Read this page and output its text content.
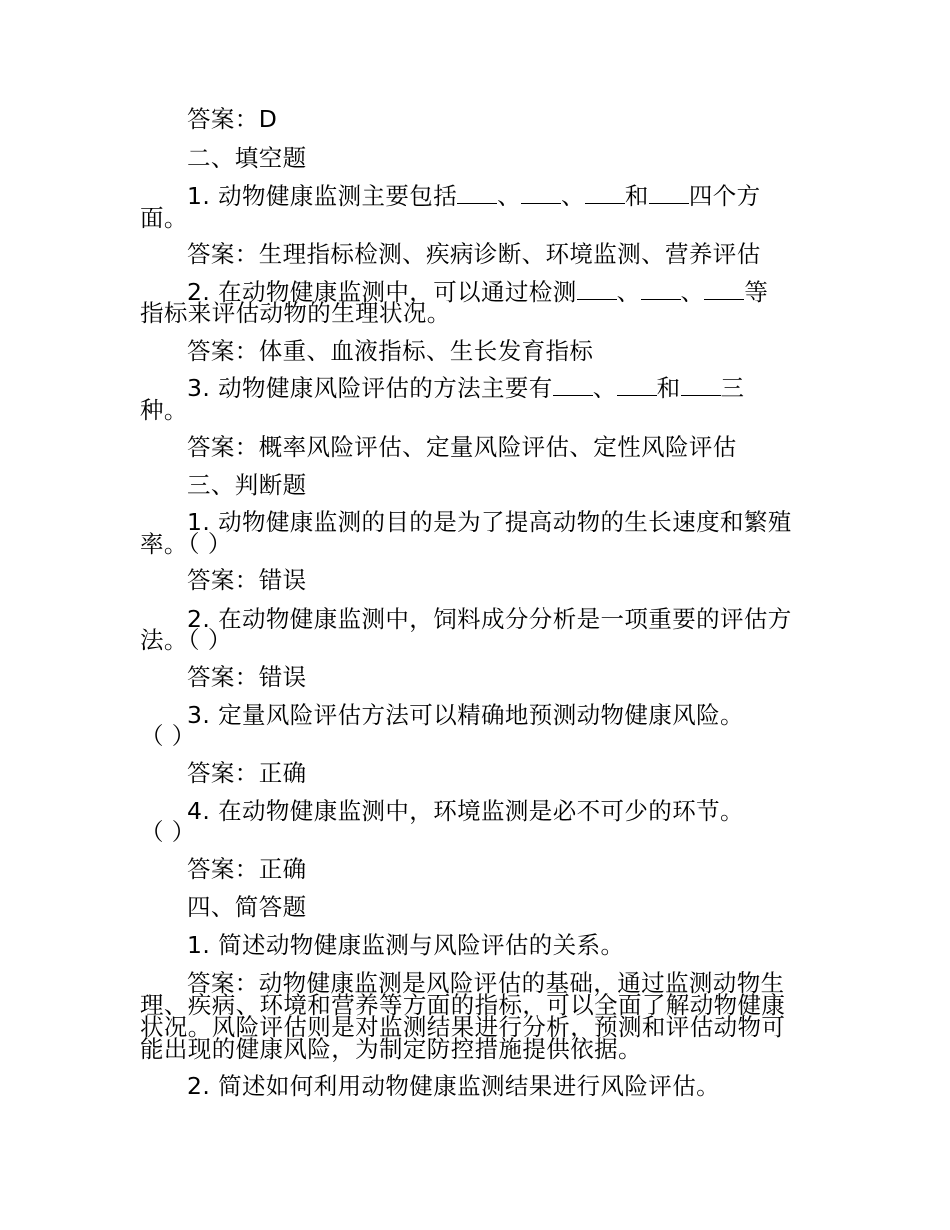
答案：D
二、填空题
1. 动物健康监测主要包括 、 、 和 四个方
面。
答案：生理指标检测、疾病诊断、环境监测、营养评估
2. 在动物健康监测中，可以通过检测 、 、 等
指标来评估动物的生理状况。
答案：体重、血液指标、生长发育指标
3. 动物健康风险评估的方法主要有 、 和 三
种。
答案：概率风险评估、定量风险评估、定性风险评估
三、判断题
1. 动物健康监测的目的是为了提高动物的生长速度和繁殖
率。（ ）
答案：错误
2. 在动物健康监测中，饲料成分分析是一项重要的评估方
法。（ ）
答案：错误
3. 定量风险评估方法可以精确地预测动物健康风险。
（ ）
答案：正确
4. 在动物健康监测中，环境监测是必不可少的环节。
（ ）
答案：正确
四、简答题
1. 简述动物健康监测与风险评估的关系。
答案：动物健康监测是风险评估的基础，通过监测动物生
理、疾病、环境和营养等方面的指标，可以全面了解动物健康
状况。风险评估则是对监测结果进行分析，预测和评估动物可
能出现的健康风险，为制定防控措施提供依据。
2. 简述如何利用动物健康监测结果进行风险评估。
